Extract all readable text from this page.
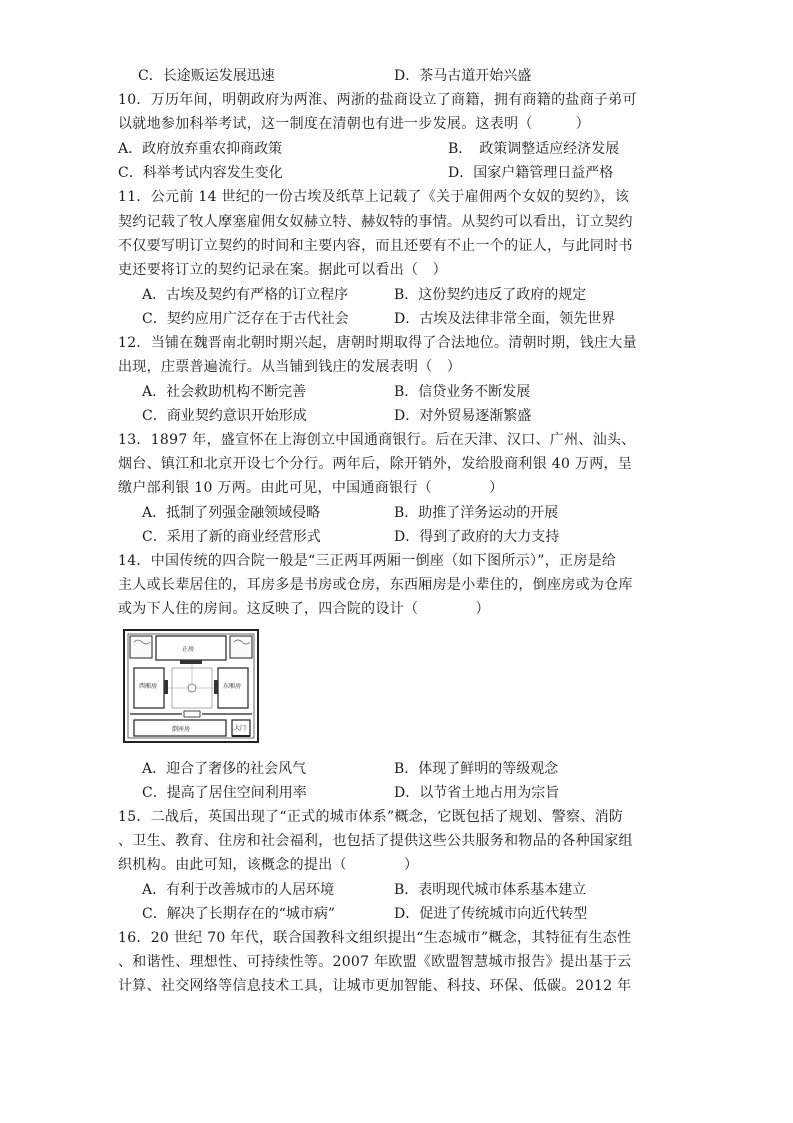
C．长途贩运发展迅速	D．茶马古道开始兴盛
10．万历年间，明朝政府为两淮、两浙的盐商设立了商籍，拥有商籍的盐商子弟可
以就地参加科举考试，这一制度在清朝也有进一步发展。这表明（　　　）
A．政府放弃重农抑商政策	B．　政策调整适应经济发展
C．科举考试内容发生变化	D．国家户籍管理日益严格
11．公元前 14 世纪的一份古埃及纸草上记载了《关于雇佣两个女奴的契约》，该
契约记载了牧人摩塞雇佣女奴赫立特、赫奴特的事情。从契约可以看出，订立契约
不仅要写明订立契约的时间和主要内容，而且还要有不止一个的证人，与此同时书
吏还要将订立的契约记录在案。据此可以看出（　）
A．古埃及契约有严格的订立程序	B．这份契约违反了政府的规定
C．契约应用广泛存在于古代社会	D．古埃及法律非常全面，领先世界
12．当铺在魏晋南北朝时期兴起，唐朝时期取得了合法地位。清朝时期，钱庄大量
出现，庄票普遍流行。从当铺到钱庄的发展表明（　）
A．社会救助机构不断完善	B．信贷业务不断发展
C．商业契约意识开始形成	D．对外贸易逐渐繁盛
13．1897 年，盛宣怀在上海创立中国通商银行。后在天津、汉口、广州、汕头、
烟台、镇江和北京开设七个分行。两年后，除开销外，发给股商利银 40 万两，呈
缴户部利银 10 万两。由此可见，中国通商银行（　　　　）
A．抵制了列强金融领域侵略	B．助推了洋务运动的开展
C．采用了新的商业经营形式	D．得到了政府的大力支持
14．中国传统的四合院一般是“三正两耳两厢一倒座（如下图所示）”，正房是给
主人或长辈居住的，耳房多是书房或仓房，东西厢房是小辈住的，倒座房或为仓库
或为下人住的房间。这反映了，四合院的设计（　　　　）
正房
西厢房	东厢房
倒座房	大门
A．迎合了奢侈的社会风气	B．体现了鲜明的等级观念
C．提高了居住空间利用率	D．以节省土地占用为宗旨
15．二战后，英国出现了“正式的城市体系”概念，它既包括了规划、警察、消防
、卫生、教育、住房和社会福利，也包括了提供这些公共服务和物品的各种国家组
织机构。由此可知，该概念的提出（　　　　）
A．有利于改善城市的人居环境	B．表明现代城市体系基本建立
C．解决了长期存在的“城市病”	D．促进了传统城市向近代转型
16．20 世纪 70 年代，联合国教科文组织提出“生态城市”概念，其特征有生态性
、和谐性、理想性、可持续性等。2007 年欧盟《欧盟智慧城市报告》提出基于云
计算、社交网络等信息技术工具，让城市更加智能、科技、环保、低碳。2012 年
